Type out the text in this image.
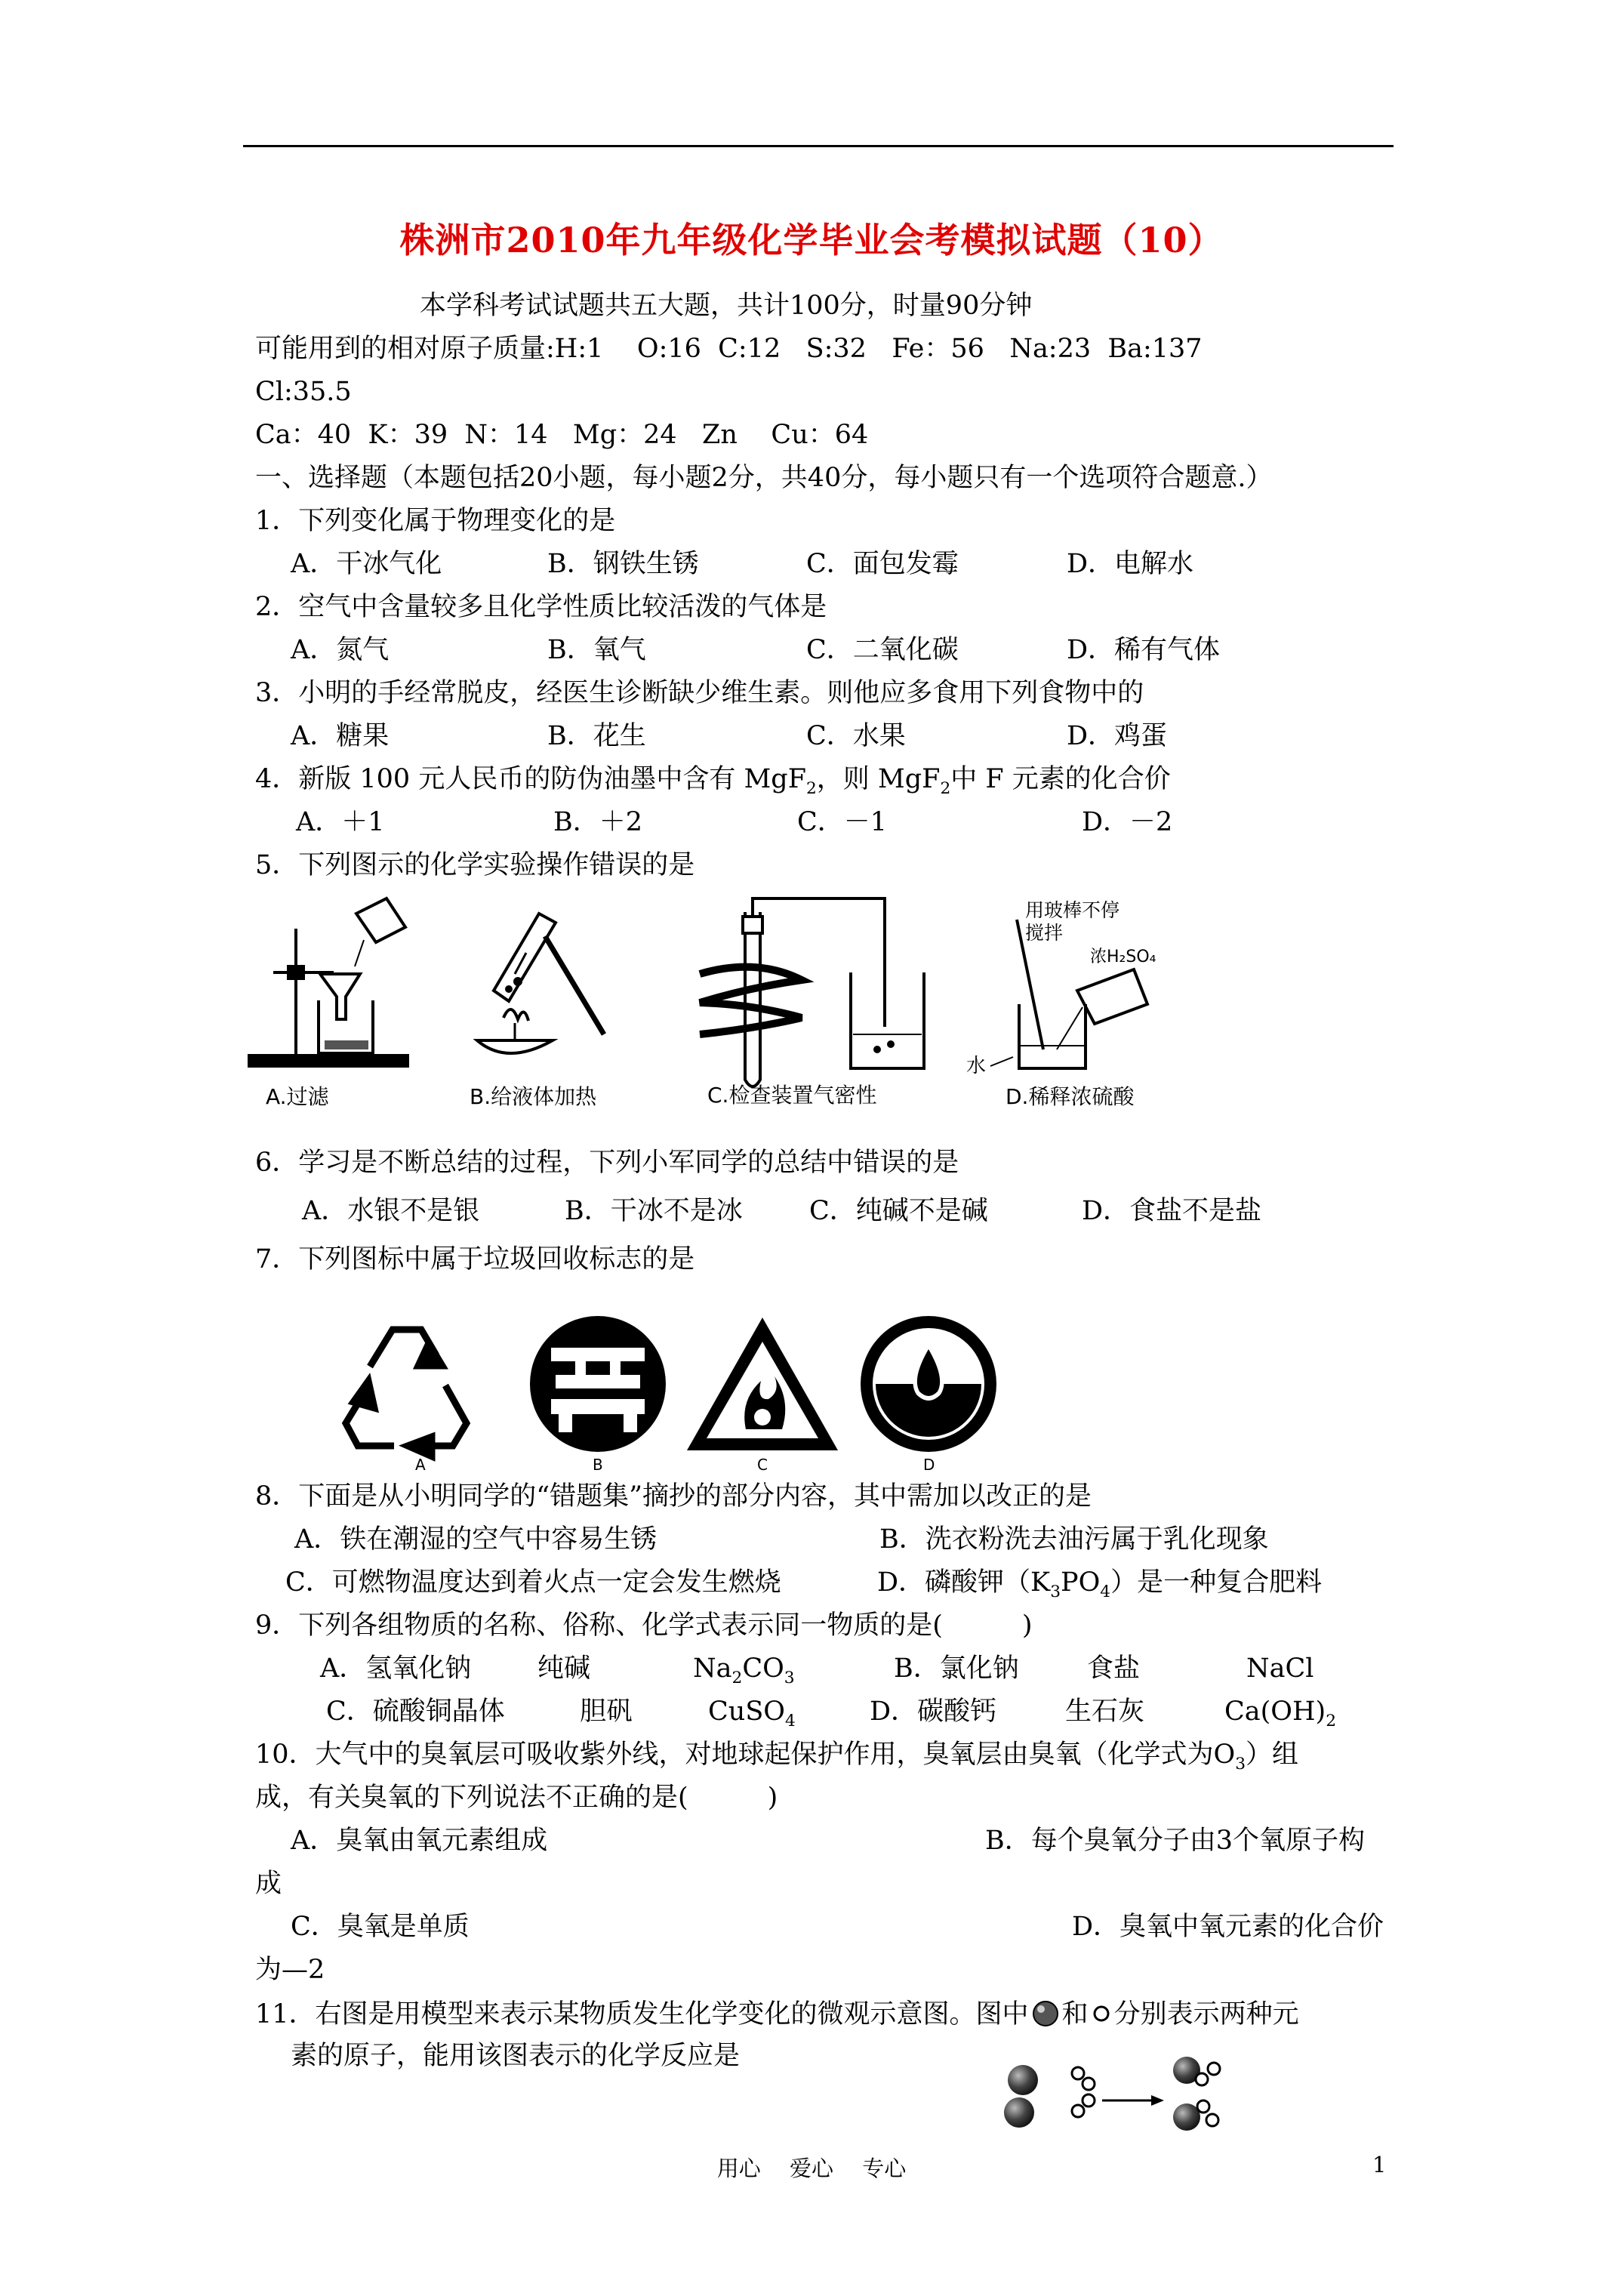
株洲市2010年九年级化学毕业会考模拟试题（10）
本学科考试试题共五大题，共计100分，时量90分钟
可能用到的相对原子质量:H:1    O:16  C:12   S:32   Fe：56   Na:23  Ba:137
Cl:35.5
Ca：40  K：39  N：14   Mg：24   Zn    Cu：64
一、选择题（本题包括20小题，每小题2分，共40分，每小题只有一个选项符合题意.）
1．下列变化属于物理变化的是
A．干冰气化	B．钢铁生锈	C．面包发霉	D．电解水
2．空气中含量较多且化学性质比较活泼的气体是
A．氮气	B．氧气	C．二氧化碳	D．稀有气体
3．小明的手经常脱皮，经医生诊断缺少维生素。则他应多食用下列食物中的
A．糖果	B．花生	C．水果	D．鸡蛋
4．新版 100 元人民币的防伪油墨中含有 MgF$_2$，则 MgF$_2$中 F 元素的化合价
A．＋1	B．＋2	C．－1	D．－2
5．下列图示的化学实验操作错误的是
A.过滤	B.给液体加热	C.检查装置气密性	D.稀释浓硫酸
用玻棒不停
搅拌
浓H₂SO₄
水
6．学习是不断总结的过程，下列小军同学的总结中错误的是
A．水银不是银	B．干冰不是冰	C．纯碱不是碱	D．食盐不是盐
7．下列图标中属于垃圾回收标志的是
A	B	C	D
8．下面是从小明同学的“错题集”摘抄的部分内容，其中需加以改正的是
A．铁在潮湿的空气中容易生锈	B．洗衣粉洗去油污属于乳化现象
C．可燃物温度达到着火点一定会发生燃烧	D．磷酸钾$(K_3PO_4)$是一种复合肥料
9．下列各组物质的名称、俗称、化学式表示同一物质的是(　　　)
A．氢氧化钠	纯碱	$Na_2CO_3$	B．氯化钠	食盐	NaCl
C．硫酸铜晶体	胆矾	CuSO$_4$	D．碳酸钙	生石灰	$Ca(OH)_2$
10．大气中的臭氧层可吸收紫外线，对地球起保护作用，臭氧层由臭氧（化学式为$O_3$）组
成，有关臭氧的下列说法不正确的是(　　　)
A．臭氧由氧元素组成	B．每个臭氧分子由3个氧原子构
成
C．臭氧是单质	D．臭氧中氧元素的化合价
为—2
11．右图是用模型来表示某物质发生化学变化的微观示意图。图中 和 分别表示两种元
素的原子，能用该图表示的化学反应是
用心　 爱心　 专心	1
